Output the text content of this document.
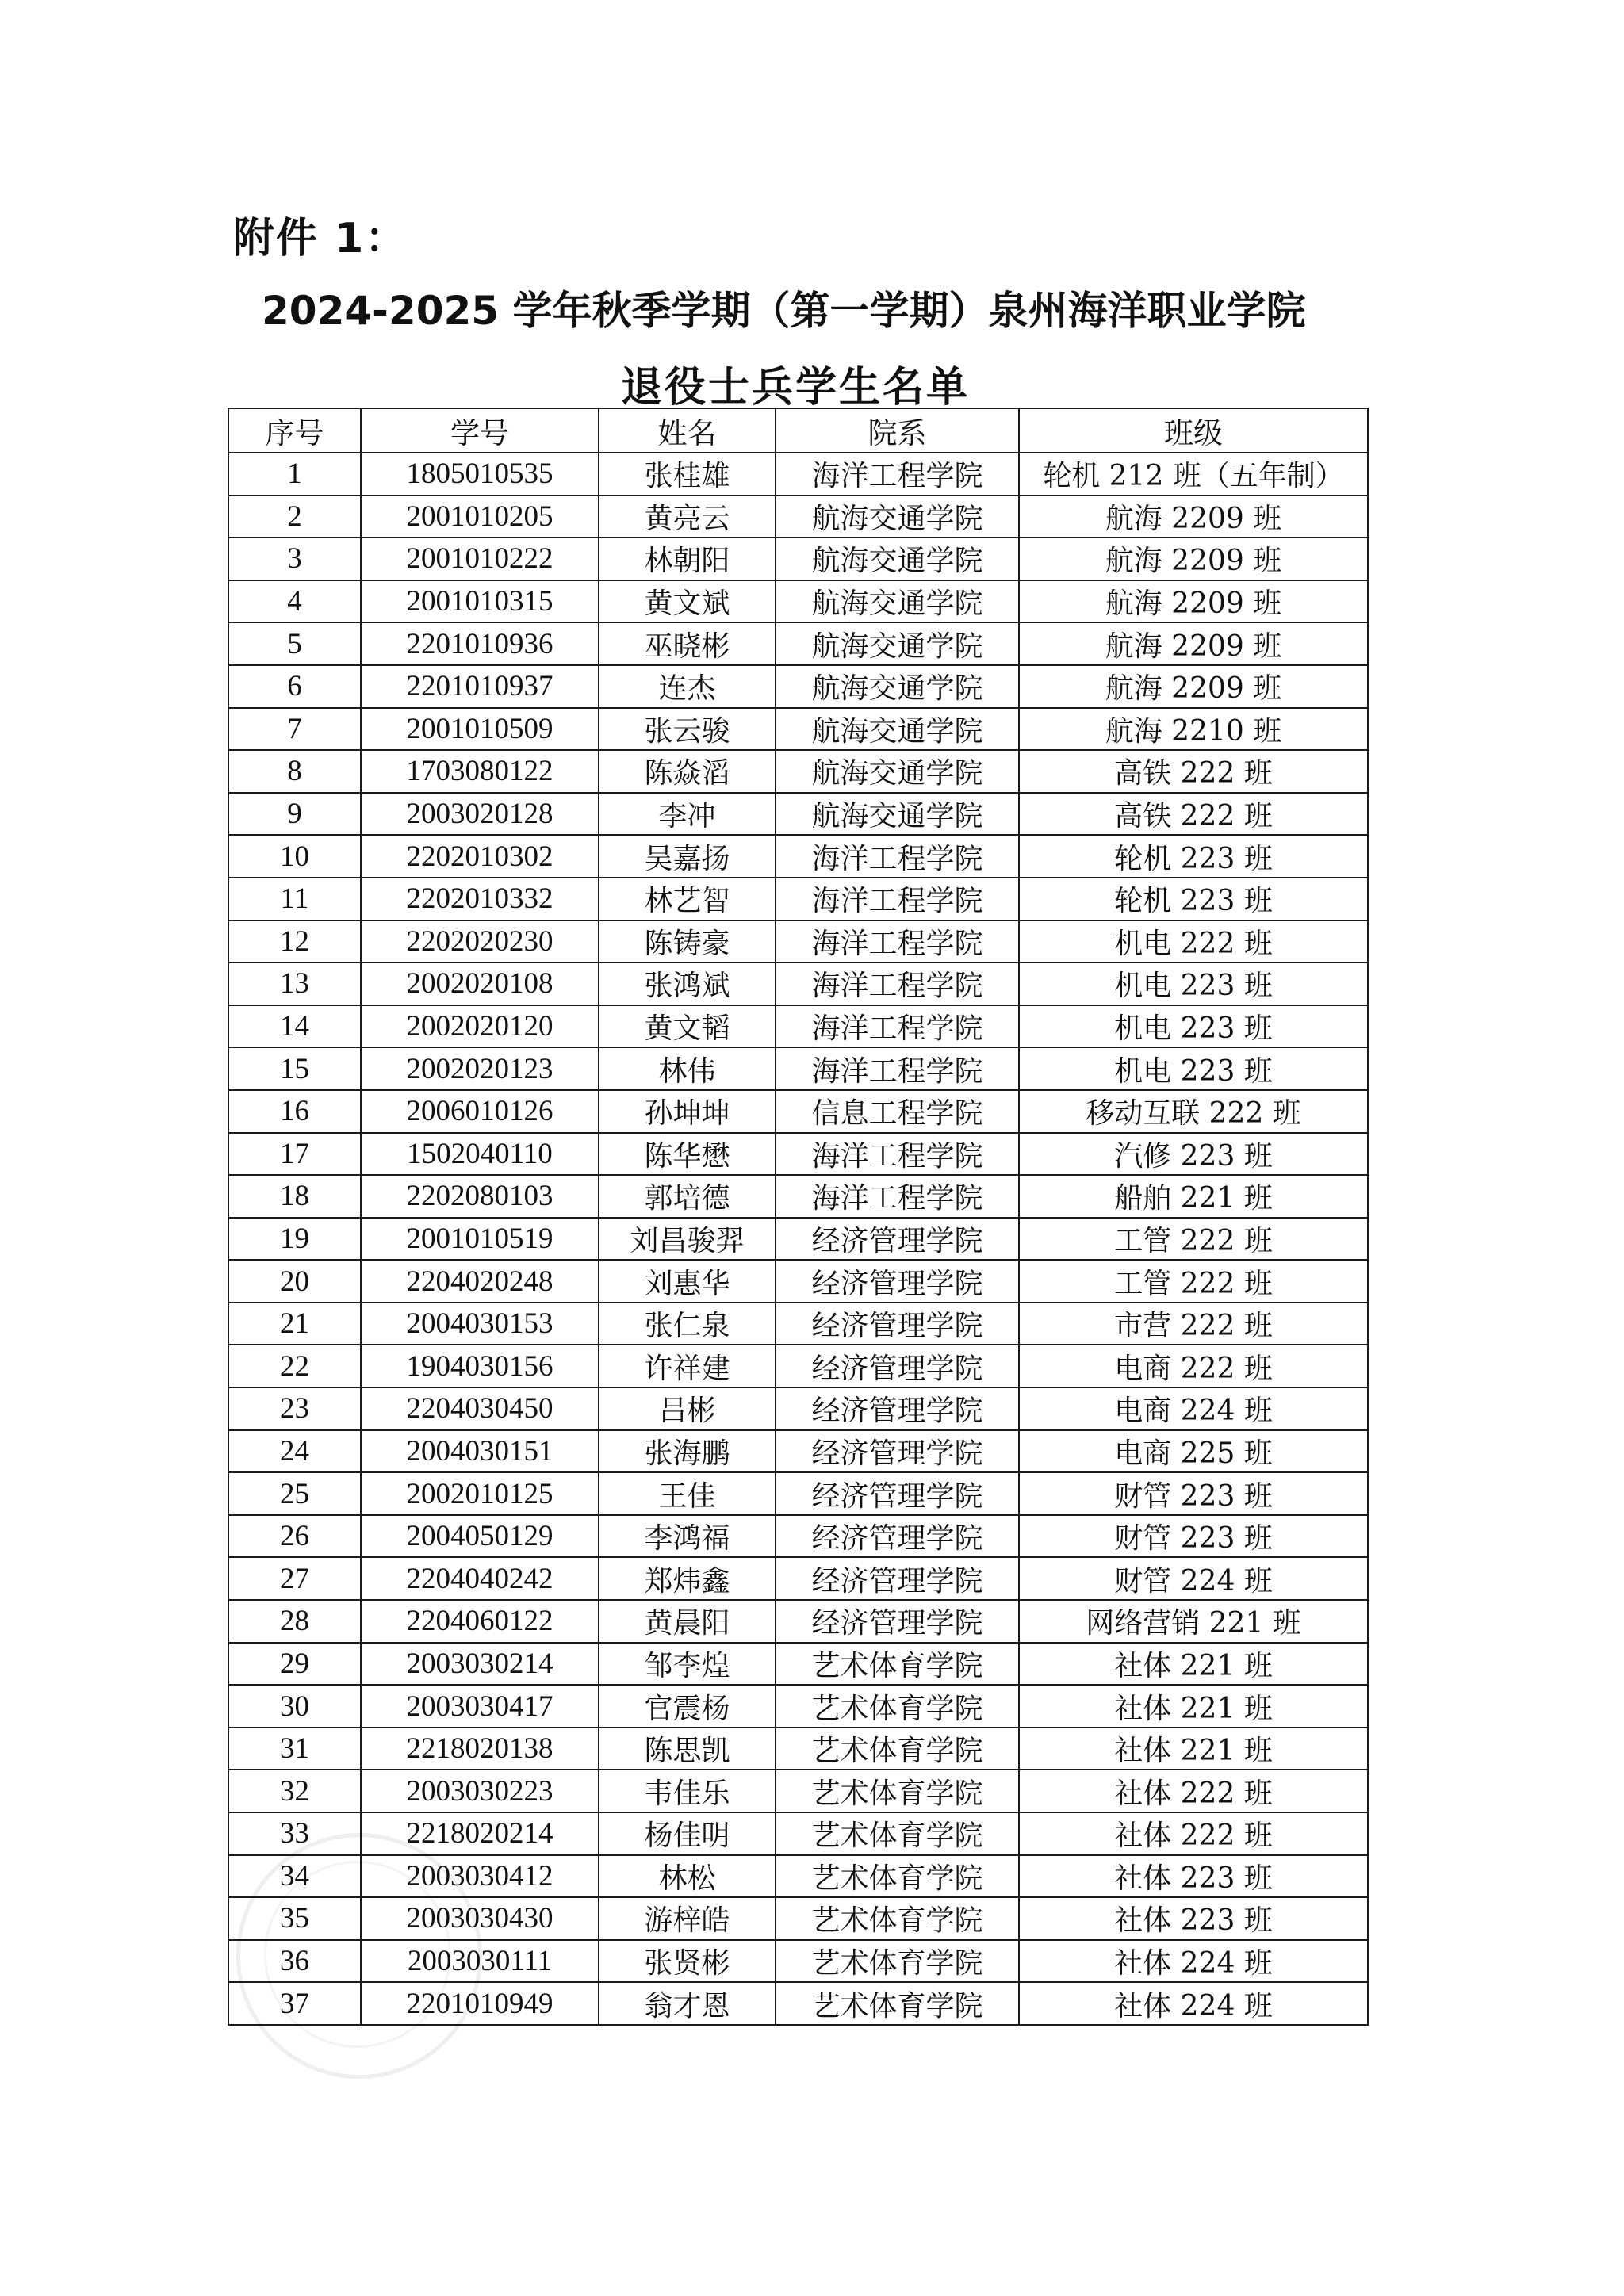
附件 1：
2024-2025 学年秋季学期（第一学期）泉州海洋职业学院
退役士兵学生名单
序号	学号	姓名	院系	班级
1	1805010535	张桂雄	海洋工程学院	轮机 212 班（五年制）
2	2001010205	黄亮云	航海交通学院	航海 2209 班
3	2001010222	林朝阳	航海交通学院	航海 2209 班
4	2001010315	黄文斌	航海交通学院	航海 2209 班
5	2201010936	巫晓彬	航海交通学院	航海 2209 班
6	2201010937	连杰	航海交通学院	航海 2209 班
7	2001010509	张云骏	航海交通学院	航海 2210 班
8	1703080122	陈焱滔	航海交通学院	高铁 222 班
9	2003020128	李冲	航海交通学院	高铁 222 班
10	2202010302	吴嘉扬	海洋工程学院	轮机 223 班
11	2202010332	林艺智	海洋工程学院	轮机 223 班
12	2202020230	陈铸豪	海洋工程学院	机电 222 班
13	2002020108	张鸿斌	海洋工程学院	机电 223 班
14	2002020120	黄文韬	海洋工程学院	机电 223 班
15	2002020123	林伟	海洋工程学院	机电 223 班
16	2006010126	孙坤坤	信息工程学院	移动互联 222 班
17	1502040110	陈华懋	海洋工程学院	汽修 223 班
18	2202080103	郭培德	海洋工程学院	船舶 221 班
19	2001010519	刘昌骏羿	经济管理学院	工管 222 班
20	2204020248	刘惠华	经济管理学院	工管 222 班
21	2004030153	张仁泉	经济管理学院	市营 222 班
22	1904030156	许祥建	经济管理学院	电商 222 班
23	2204030450	吕彬	经济管理学院	电商 224 班
24	2004030151	张海鹏	经济管理学院	电商 225 班
25	2002010125	王佳	经济管理学院	财管 223 班
26	2004050129	李鸿福	经济管理学院	财管 223 班
27	2204040242	郑炜鑫	经济管理学院	财管 224 班
28	2204060122	黄晨阳	经济管理学院	网络营销 221 班
29	2003030214	邹李煌	艺术体育学院	社体 221 班
30	2003030417	官震杨	艺术体育学院	社体 221 班
31	2218020138	陈思凯	艺术体育学院	社体 221 班
32	2003030223	韦佳乐	艺术体育学院	社体 222 班
33	2218020214	杨佳明	艺术体育学院	社体 222 班
34	2003030412	林松	艺术体育学院	社体 223 班
35	2003030430	游梓皓	艺术体育学院	社体 223 班
36	2003030111	张贤彬	艺术体育学院	社体 224 班
37	2201010949	翁才恩	艺术体育学院	社体 224 班
